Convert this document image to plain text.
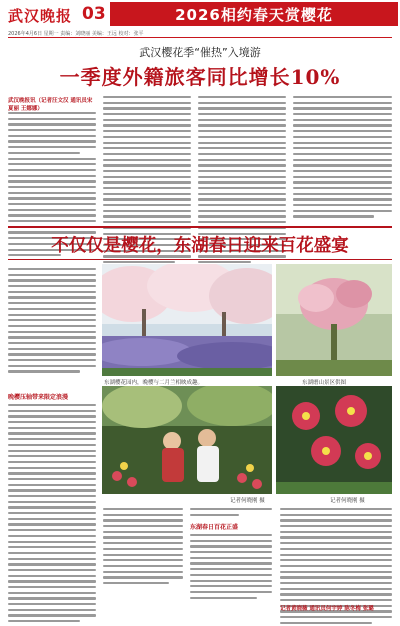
武汉晚报 03	2026相约春天赏樱花
2026年4月6日 星期一 责编：刘晓丽 美编：王远 校对：张平
武汉樱花季“催热”入境游
一季度外籍旅客同比增长10%
武汉晚报讯（记者汪文汉 通讯员宋夏丽 王娜娜）
不仅仅是樱花，东湖春日迎来百花盛宴
晚樱压轴带来限定浪漫
东湖樱花园内，晚樱与二月兰相映成趣。	东湖磨山景区供图
记者何晓刚 摄	记者何晓刚 摄
东湖春日百花正盛
记者黄晓薇 通讯员何宇婷 陈冬梅 张璐
